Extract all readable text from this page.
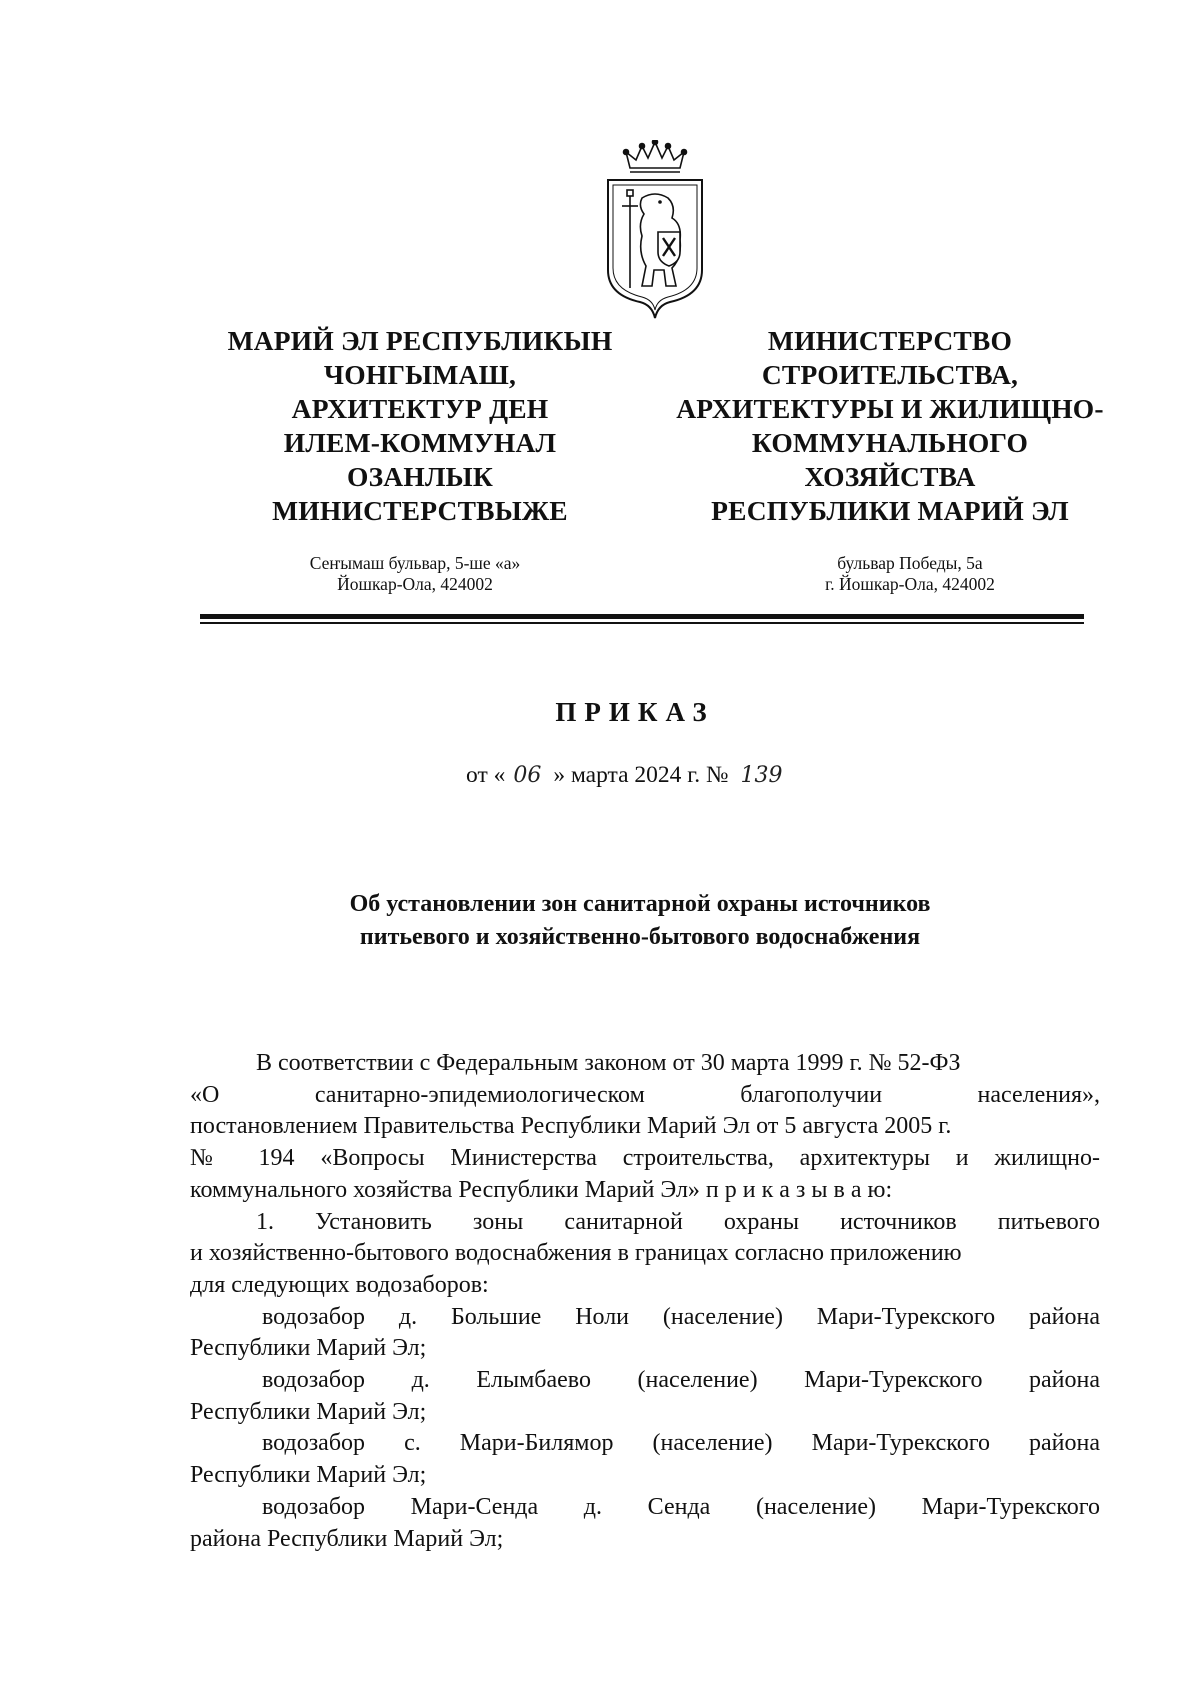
МАРИЙ ЭЛ РЕСПУБЛИКЫН
ЧОНГЫМАШ,
АРХИТЕКТУР ДЕН
ИЛЕМ-КОММУНАЛ
ОЗАНЛЫК
МИНИСТЕРСТВЫЖЕ
МИНИСТЕРСТВО
СТРОИТЕЛЬСТВА,
АРХИТЕКТУРЫ И ЖИЛИЩНО-
КОММУНАЛЬНОГО
ХОЗЯЙСТВА
РЕСПУБЛИКИ МАРИЙ ЭЛ
Сеҥымаш бульвар, 5-ше «а»
Йошкар-Ола, 424002
бульвар Победы, 5а
г. Йошкар-Ола, 424002
ПРИКАЗ
от « 06 » марта 2024 г. № 139
Об установлении зон санитарной охраны источников
питьевого и хозяйственно-бытового водоснабжения
В соответствии с Федеральным законом от 30 марта 1999 г. № 52-ФЗ
«О санитарно-эпидемиологическом благополучии населения»,
постановлением Правительства Республики Марий Эл от 5 августа 2005 г.
№ 194 «Вопросы Министерства строительства, архитектуры и жилищно-
коммунального хозяйства Республики Марий Эл» п р и к а з ы в а ю:
1. Установить зоны санитарной охраны источников питьевого
и хозяйственно-бытового водоснабжения в границах согласно приложению
для следующих водозаборов:
водозабор д. Большие Ноли (население) Мари-Турекского района
Республики Марий Эл;
водозабор д. Елымбаево (население) Мари-Турекского района
Республики Марий Эл;
водозабор с. Мари-Билямор (население) Мари-Турекского района
Республики Марий Эл;
водозабор Мари-Сенда д. Сенда (население) Мари-Турекского
района Республики Марий Эл;
